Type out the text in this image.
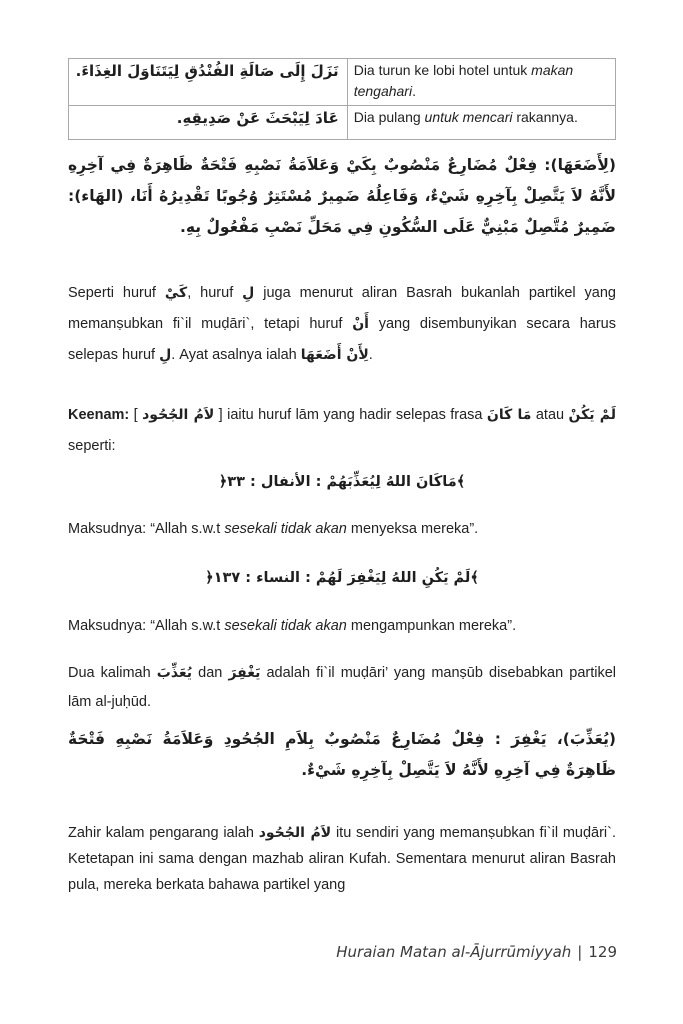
نَزَلَ إِلَى صَالَةِ الفُنْدُقِ لِيَتَنَاوَلَ الغِذَاءَ.	Dia turun ke lobi hotel untuk makan tengahari.
عَادَ لِيَبْحَثَ عَنْ صَدِيقِهِ.	Dia pulang untuk mencari rakannya.
(لِأَضَعَهَا): فِعْلٌ مُضَارِعٌ مَنْصُوبٌ بِكَيْ وَعَلاَمَةُ نَصْبِهِ فَتْحَةٌ ظَاهِرَةٌ فِي آخِرِهِ لأَنَّهُ لاَ يَتَّصِلْ بِآخِرِهِ شَيْءٌ، وَفَاعِلُهُ ضَمِيرٌ مُسْتَتِرٌ وُجُوبًا تَقْدِيرُهُ أَنَا، (الهَاء): ضَمِيرٌ مُتَّصِلٌ مَبْنِيٌّ عَلَى السُّكُونِ فِي مَحَلِّ نَصْبِ مَفْعُولٌ بِهِ.
Seperti huruf كَيْ, huruf لِ juga menurut aliran Basrah bukanlah partikel yang memanṣubkan fi`il muḍāri`, tetapi huruf أَنْ yang disembunyikan secara harus selepas huruf لِ. Ayat asalnya ialah لِأَنْ أَضَعَهَا.
Keenam: [ لاَمُ الجُحُود ] iaitu huruf lām yang hadir selepas frasa مَا كَانَ atau لَمْ يَكُنْ seperti:
﴿مَاكَانَ اللهُ لِيُعَذِّبَهُمْ : الأنفال : ٣٣﴾
Maksudnya: “Allah s.w.t sesekali tidak akan menyeksa mereka”.
﴿لَمْ يَكُنِ اللهُ لِيَغْفِرَ لَهُمْ : النساء : ١٣٧﴾
Maksudnya: “Allah s.w.t sesekali tidak akan mengampunkan mereka”.
Dua kalimah يُعَذِّبَ dan يَغْفِرَ adalah fi`il muḍāri’ yang manṣūb disebabkan partikel lām al-juḥūd.
(يُعَذِّبَ)، يَغْفِرَ : فِعْلٌ مُضَارِعٌ مَنْصُوبٌ بِلاَمِ الجُحُودِ وَعَلاَمَةُ نَصْبِهِ فَتْحَةٌ ظَاهِرَةٌ فِي آخِرِهِ لأَنَّهُ لاَ يَتَّصِلْ بِآخِرِهِ شَيْءٌ.
Zahir kalam pengarang ialah لاَمُ الجُحُود itu sendiri yang memanṣubkan fi`il muḍāri`. Ketetapan ini sama dengan mazhab aliran Kufah. Sementara menurut aliran Basrah pula, mereka berkata bahawa partikel yang
Huraian Matan al-Ājurrūmiyyah | 129
